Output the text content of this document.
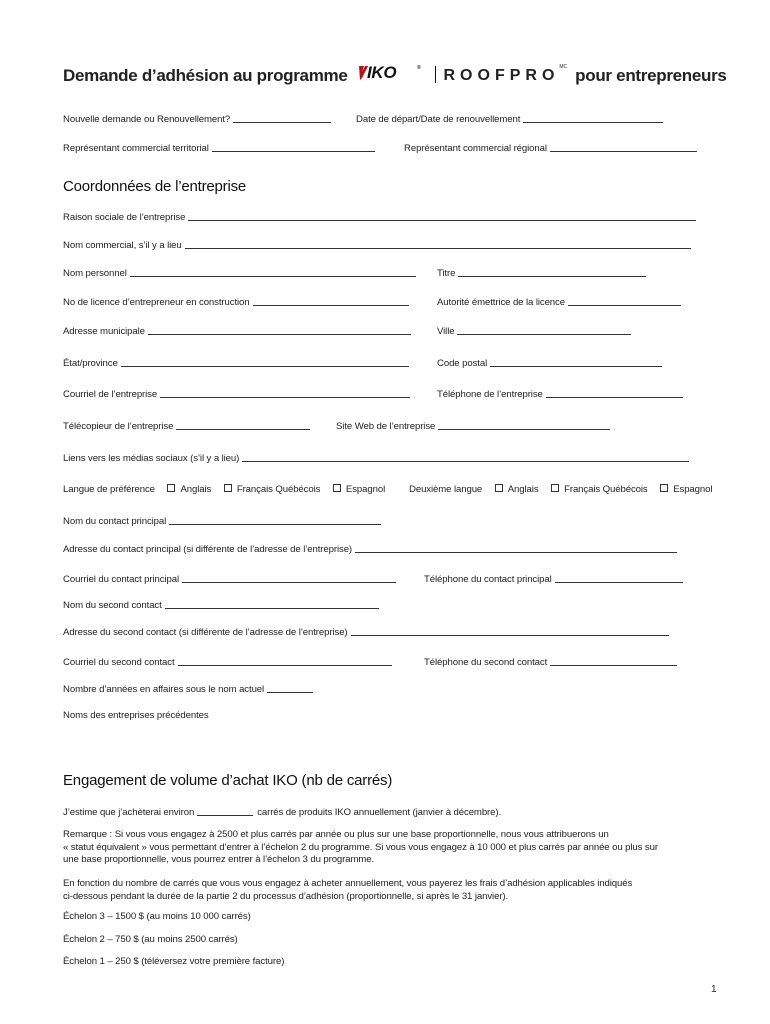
Demande d’adhésion au programme IKO	® $ROOFPRO^{MC}$ pour entrepreneurs
Nouvelle demande ou Renouvellement?	Date de départ/Date de renouvellement
Représentant commercial territorial	Représentant commercial régional
Coordonnées de l’entreprise
Raison sociale de l’entreprise
Nom commercial, s’il y a lieu
Nom personnel	Titre
No de licence d’entrepreneur en construction	Autorité émettrice de la licence
Adresse municipale	Ville
État/province	Code postal
Courriel de l’entreprise	Téléphone de l’entreprise
Télécopieur de l’entreprise	Site Web de l’entreprise
Liens vers les médias sociaux (s’il y a lieu)
Langue de préférence	Anglais	Français Québécois	Espagnol Deuxième langue	Anglais	Français Québécois	Espagnol
Nom du contact principal
Adresse du contact principal (si différente de l’adresse de l’entreprise)
Courriel du contact principal	Téléphone du contact principal
Nom du second contact
Adresse du second contact (si différente de l’adresse de l’entreprise)
Courriel du second contact	Téléphone du second contact
Nombre d’années en affaires sous le nom actuel
Noms des entreprises précédentes
Engagement de volume d’achat IKO (nb de carrés)
J’estime que j’achèterai environ	carrés de produits IKO annuellement (janvier à décembre).
Remarque : Si vous vous engagez à 2500 et plus carrés par année ou plus sur une base proportionnelle, nous vous attribuerons un
« statut équivalent » vous permettant d’entrer à l’échelon 2 du programme. Si vous vous engagez à 10 000 et plus carrés par année ou plus sur
une base proportionnelle, vous pourrez entrer à l’échelon 3 du programme.
En fonction du nombre de carrés que vous vous engagez à acheter annuellement, vous payerez les frais d’adhésion applicables indiqués
ci-dessous pendant la durée de la partie 2 du processus d’adhésion (proportionnelle, si après le 31 janvier).
Échelon 3 – 1500 $ (au moins 10 000 carrés)
Échelon 2 – 750 $ (au moins 2500 carrés)
Échelon 1 – 250 $ (téléversez votre première facture)
1
